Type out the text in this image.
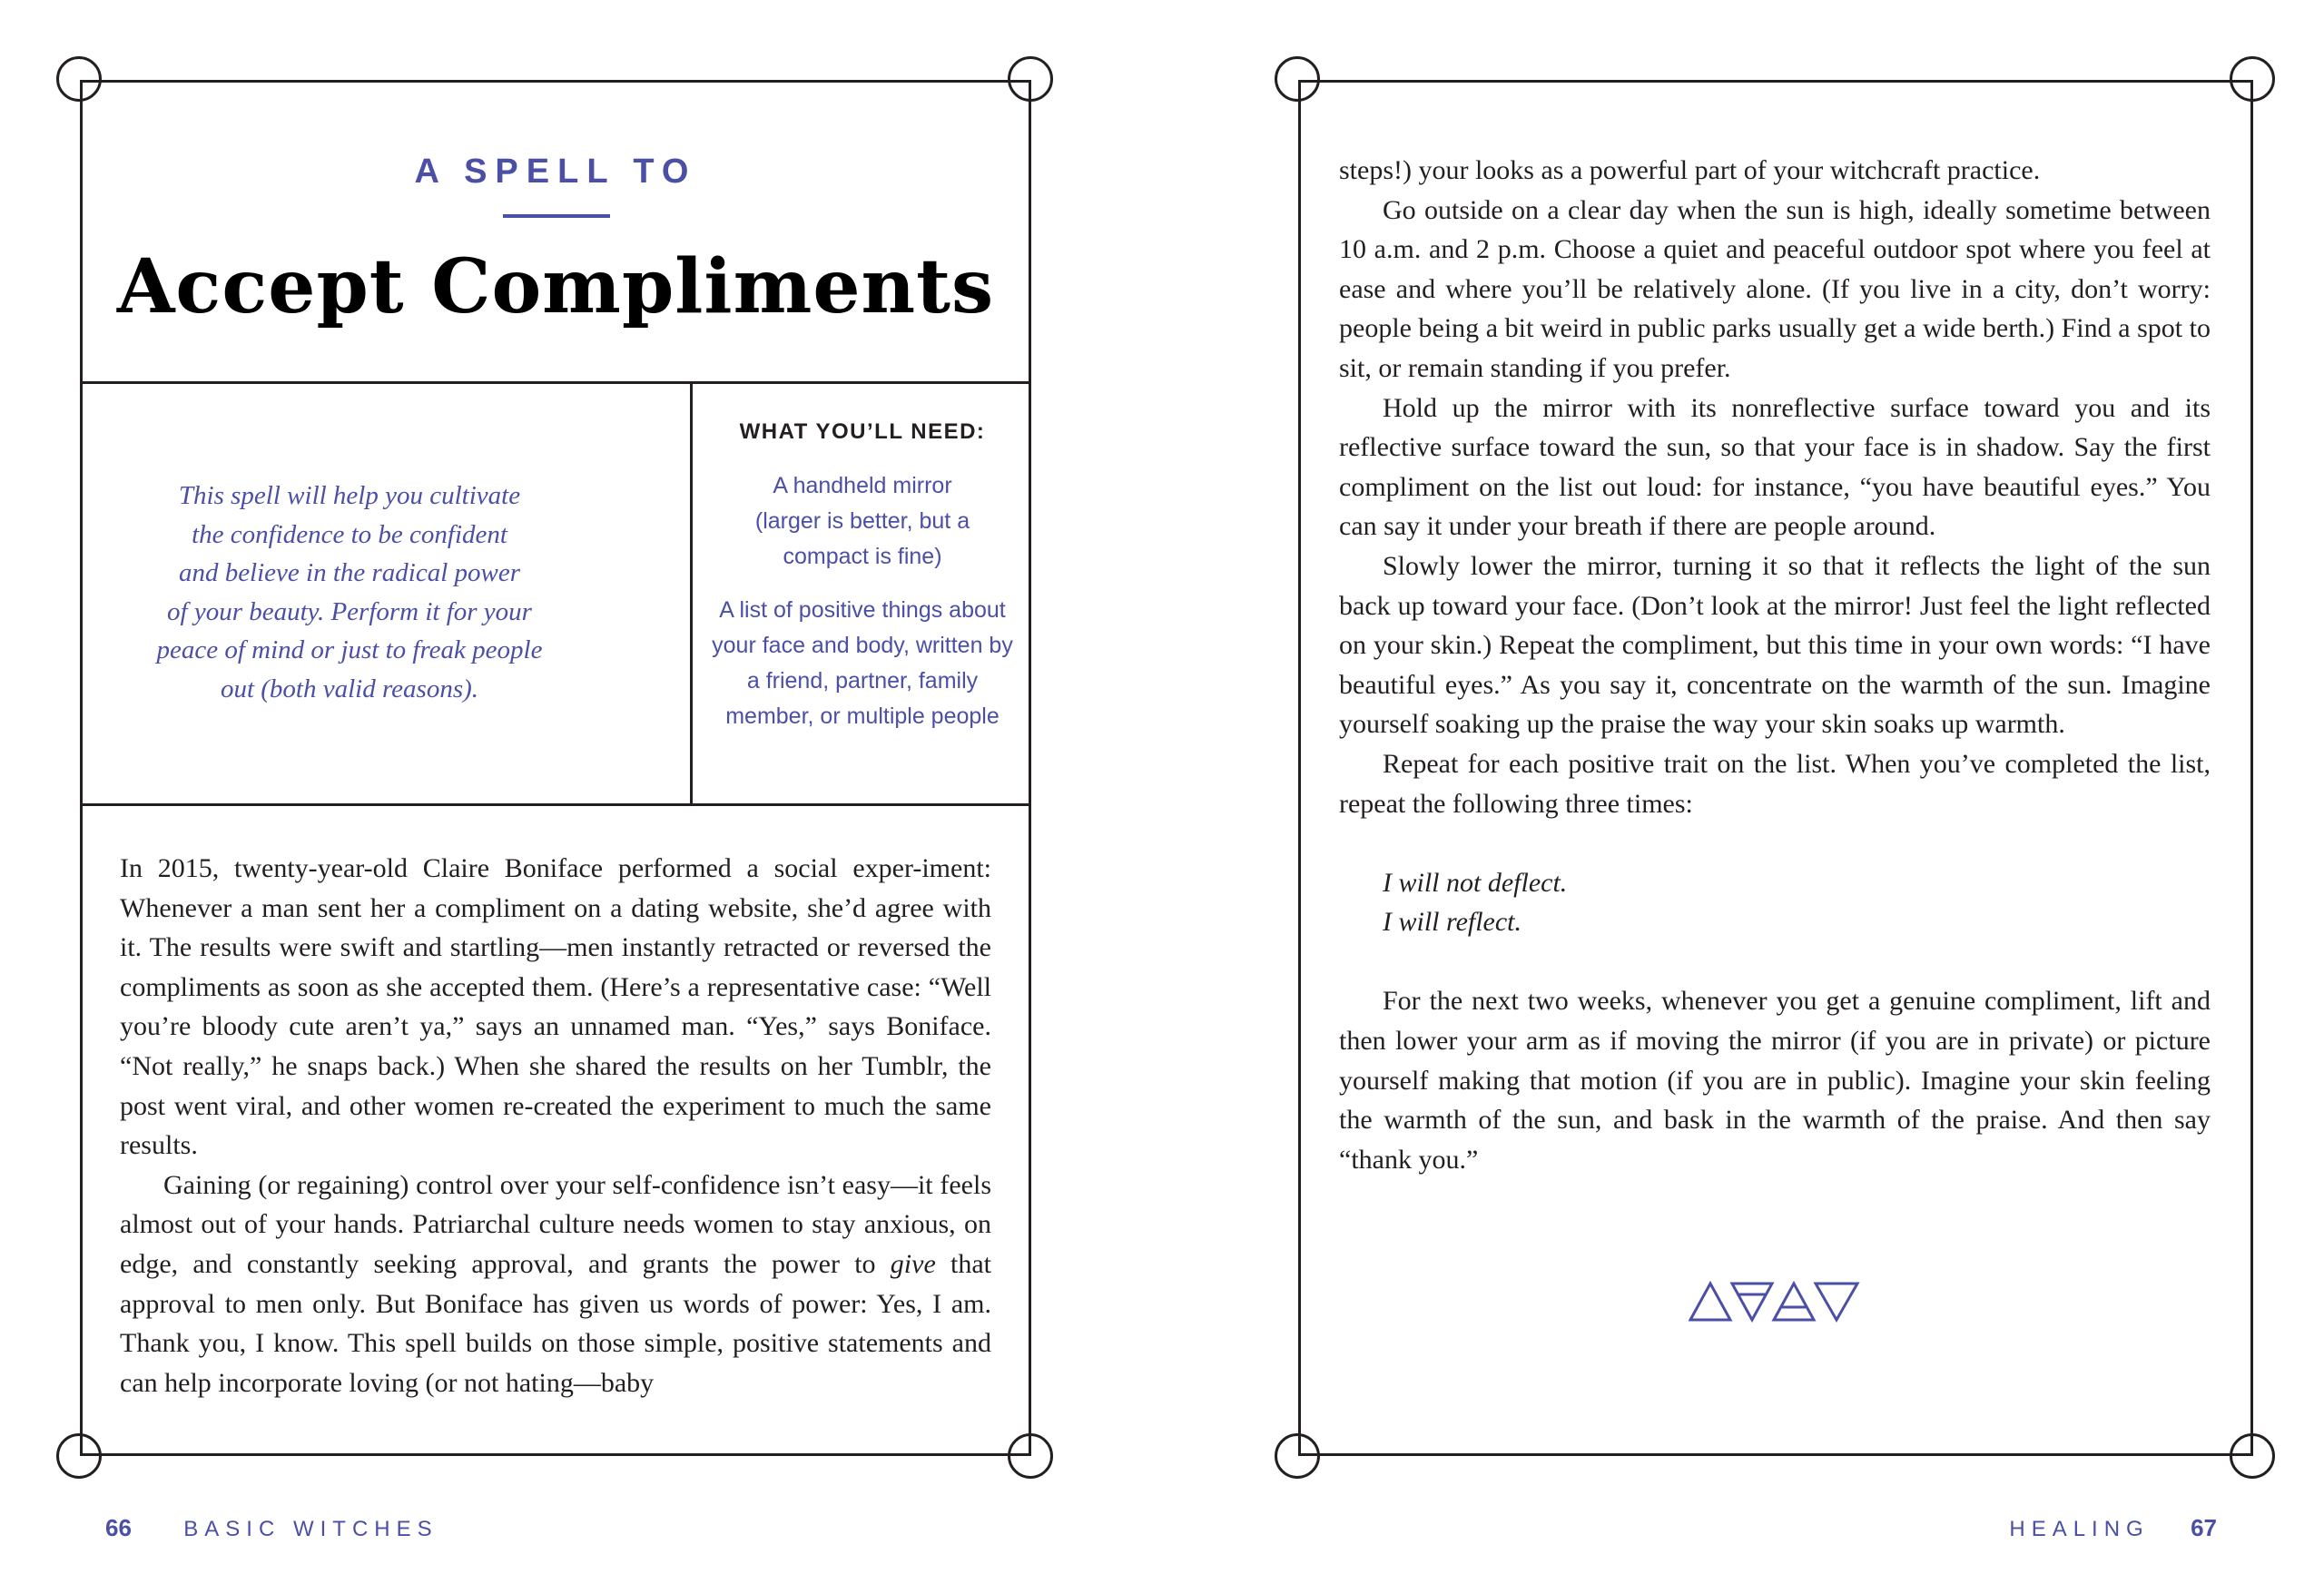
A SPELL TO
Accept Compliments
This spell will help you cultivate
the confidence to be confident
and believe in the radical power
of your beauty. Perform it for your
peace of mind or just to freak people
out (both valid reasons).
WHAT YOU’LL NEED:
A handheld mirror (larger is better, but a compact is fine)
A list of positive things about your face and body, written by a friend, partner, family member, or multiple people

In 2015, twenty-year-old Claire Boniface performed a social exper-iment: Whenever a man sent her a compliment on a dating website, she’d agree with it. The results were swift and startling—men instantly retracted or reversed the compliments as soon as she accepted them. (Here’s a representative case: “Well you’re bloody cute aren’t ya,” says an unnamed man. “Yes,” says Boniface. “Not really,” he snaps back.) When she shared the results on her Tumblr, the post went viral, and other women re-created the experiment to much the same results.

Gaining (or regaining) control over your self-confidence isn’t easy—it feels almost out of your hands. Patriarchal culture needs women to stay anxious, on edge, and constantly seeking approval, and grants the power to give that approval to men only. But Boniface has given us words of power: Yes, I am. Thank you, I know. This spell builds on those simple, positive statements and can help incorporate loving (or not hating—baby

steps!) your looks as a powerful part of your witchcraft practice.

Go outside on a clear day when the sun is high, ideally sometime between 10 a.m. and 2 p.m. Choose a quiet and peaceful outdoor spot where you feel at ease and where you’ll be relatively alone. (If you live in a city, don’t worry: people being a bit weird in public parks usually get a wide berth.) Find a spot to sit, or remain standing if you prefer.

Hold up the mirror with its nonreflective surface toward you and its reflective surface toward the sun, so that your face is in shadow. Say the first compliment on the list out loud: for instance, “you have beautiful eyes.” You can say it under your breath if there are people around.

Slowly lower the mirror, turning it so that it reflects the light of the sun back up toward your face. (Don’t look at the mirror! Just feel the light reflected on your skin.) Repeat the compliment, but this time in your own words: “I have beautiful eyes.” As you say it, concentrate on the warmth of the sun. Imagine yourself soaking up the praise the way your skin soaks up warmth.

Repeat for each positive trait on the list. When you’ve completed the list, repeat the following three times:

I will not deflect.
I will reflect.

For the next two weeks, whenever you get a genuine compliment, lift and then lower your arm as if moving the mirror (if you are in private) or picture yourself making that motion (if you are in public). Imagine your skin feeling the warmth of the sun, and bask in the warmth of the praise. And then say “thank you.”

66 BASIC WITCHES	HEALING 67
